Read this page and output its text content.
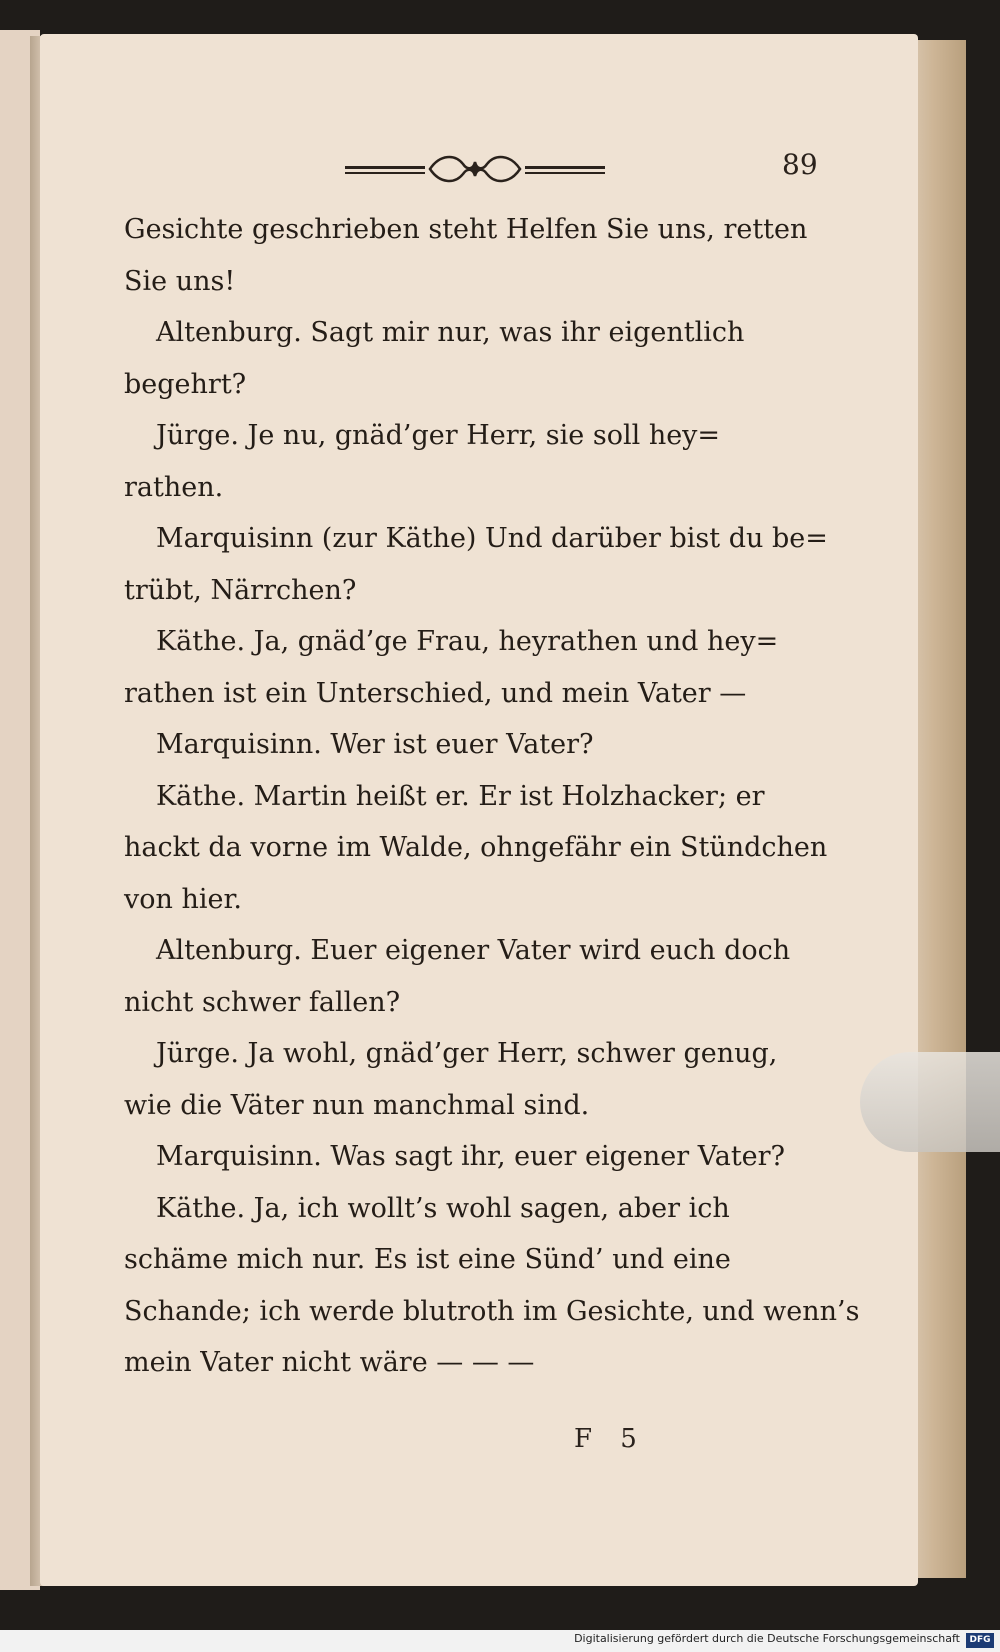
89
Gesichte geschrieben steht Helfen Sie uns, retten
Sie uns!
Altenburg. Sagt mir nur, was ihr eigentlich
begehrt?
Jürge. Je nu, gnäd’ger Herr, sie soll hey=
rathen.
Marquisinn (zur Käthe) Und darüber bist du be=
trübt, Närrchen?
Käthe. Ja, gnäd’ge Frau, heyrathen und hey=
rathen ist ein Unterschied, und mein Vater —
Marquisinn. Wer ist euer Vater?
Käthe. Martin heißt er. Er ist Holzhacker; er
hackt da vorne im Walde, ohngefähr ein Stündchen
von hier.
Altenburg. Euer eigener Vater wird euch doch
nicht schwer fallen?
Jürge. Ja wohl, gnäd’ger Herr, schwer genug,
wie die Väter nun manchmal sind.
Marquisinn. Was sagt ihr, euer eigener Vater?
Käthe. Ja, ich wollt’s wohl sagen, aber ich
schäme mich nur. Es ist eine Sünd’ und eine
Schande; ich werde blutroth im Gesichte, und wenn’s
mein Vater nicht wäre — — —
F 5
Digitalisierung gefördert durch die Deutsche Forschungsgemeinschaft	DFG
